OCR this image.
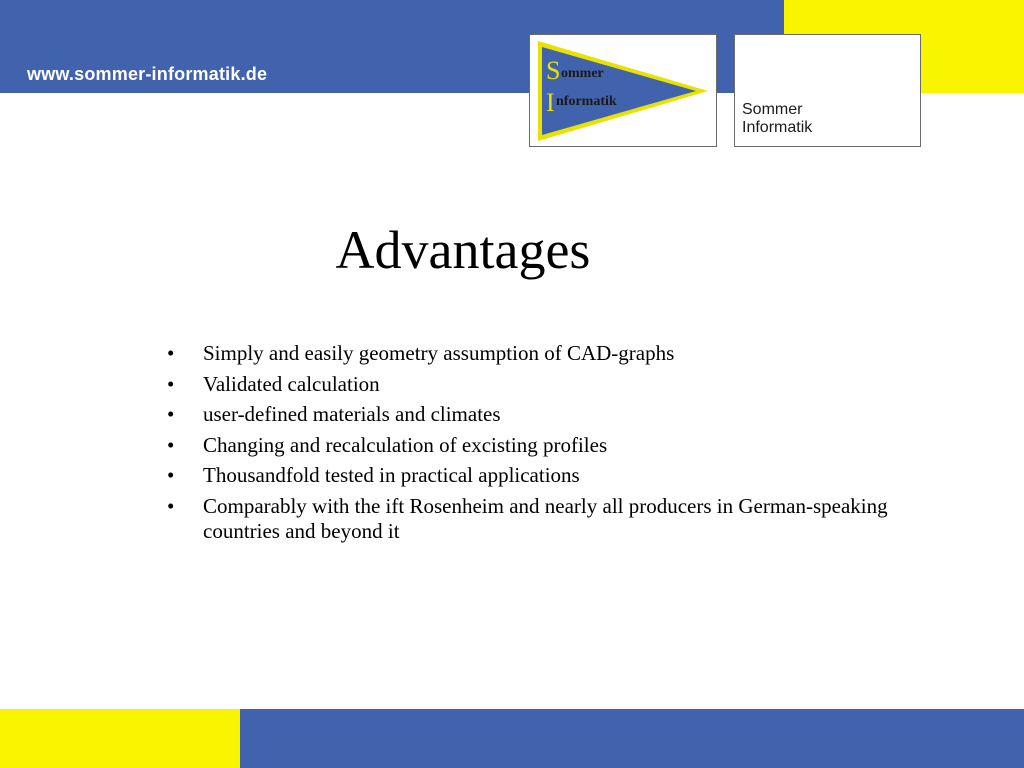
www.sommer-informatik.de	S ommer
I nformatik	Sommer
Informatik
Advantages
• Simply and easily geometry assumption of CAD-graphs
• Validated calculation
• user-defined materials and climates
• Changing and recalculation of excisting profiles
• Thousandfold tested in practical applications
• Comparably with the ift Rosenheim and nearly all producers in German-speaking countries and beyond it
